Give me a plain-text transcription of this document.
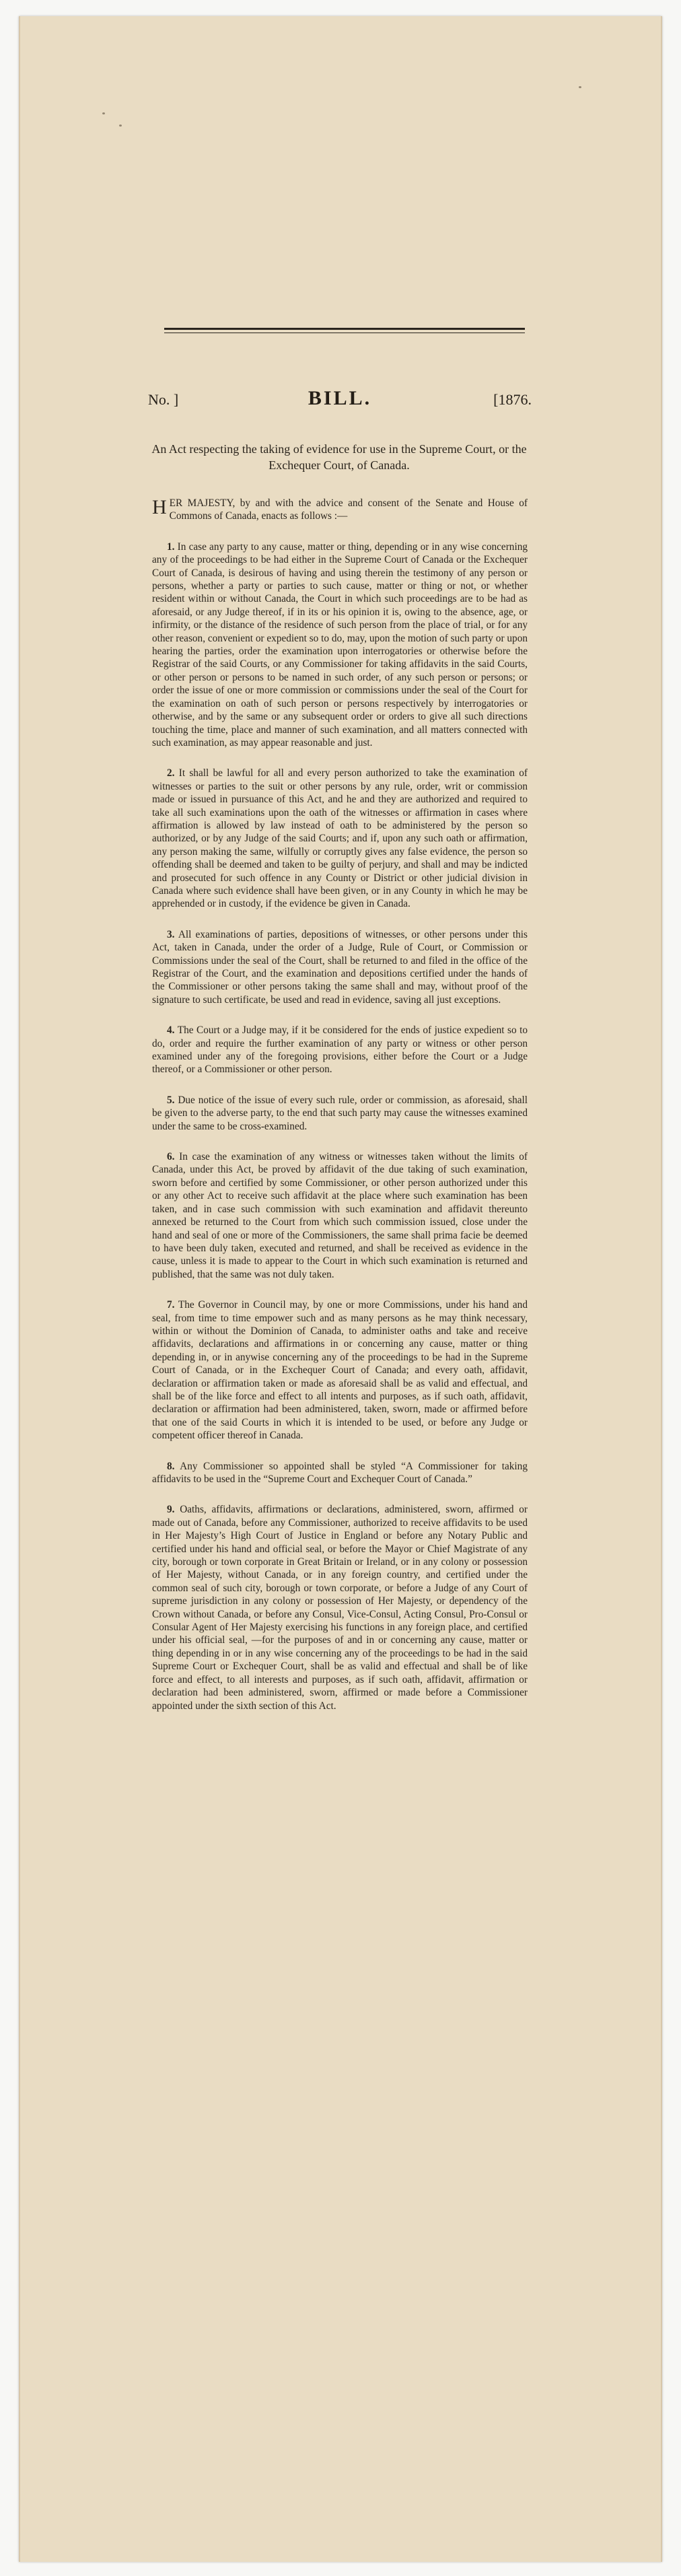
No. ]	BILL.	[1876.
An Act respecting the taking of evidence for use in the Supreme Court, or the Exchequer Court, of Canada.

HER MAJESTY, by and with the advice and consent of the Senate and House of Commons of Canada, enacts as follows :—

1. In case any party to any cause, matter or thing, depending or in any wise concerning any of the proceedings to be had either in the Supreme Court of Canada or the Exchequer Court of Canada, is desirous of having and using therein the testimony of any person or persons, whether a party or parties to such cause, matter or thing or not, or whether resident within or without Canada, the Court in which such proceedings are to be had as aforesaid, or any Judge thereof, if in its or his opinion it is, owing to the absence, age, or infirmity, or the distance of the residence of such person from the place of trial, or for any other reason, convenient or expedient so to do, may, upon the motion of such party or upon hearing the parties, order the examination upon interrogatories or otherwise before the Registrar of the said Courts, or any Commissioner for taking affidavits in the said Courts, or other person or persons to be named in such order, of any such person or persons; or order the issue of one or more commission or commissions under the seal of the Court for the examination on oath of such person or persons respectively by interrogatories or otherwise, and by the same or any subsequent order or orders to give all such directions touching the time, place and manner of such examination, and all matters connected with such examination, as may appear reasonable and just.

2. It shall be lawful for all and every person authorized to take the examination of witnesses or parties to the suit or other persons by any rule, order, writ or commission made or issued in pursuance of this Act, and he and they are authorized and required to take all such examinations upon the oath of the witnesses or affirmation in cases where affirmation is allowed by law instead of oath to be administered by the person so authorized, or by any Judge of the said Courts; and if, upon any such oath or affirmation, any person making the same, wilfully or corruptly gives any false evidence, the person so offending shall be deemed and taken to be guilty of perjury, and shall and may be indicted and prosecuted for such offence in any County or District or other judicial division in Canada where such evidence shall have been given, or in any County in which he may be apprehended or in custody, if the evidence be given in Canada.

3. All examinations of parties, depositions of witnesses, or other persons under this Act, taken in Canada, under the order of a Judge, Rule of Court, or Commission or Commissions under the seal of the Court, shall be returned to and filed in the office of the Registrar of the Court, and the examination and depositions certified under the hands of the Commissioner or other persons taking the same shall and may, without proof of the signature to such certificate, be used and read in evidence, saving all just exceptions.

4. The Court or a Judge may, if it be considered for the ends of justice expedient so to do, order and require the further examination of any party or witness or other person examined under any of the foregoing provisions, either before the Court or a Judge thereof, or a Commissioner or other person.

5. Due notice of the issue of every such rule, order or commission, as aforesaid, shall be given to the adverse party, to the end that such party may cause the witnesses examined under the same to be cross-examined.

6. In case the examination of any witness or witnesses taken without the limits of Canada, under this Act, be proved by affidavit of the due taking of such examination, sworn before and certified by some Commissioner, or other person authorized under this or any other Act to receive such affidavit at the place where such examination has been taken, and in case such commission with such examination and affidavit thereunto annexed be returned to the Court from which such commission issued, close under the hand and seal of one or more of the Commissioners, the same shall prima facie be deemed to have been duly taken, executed and returned, and shall be received as evidence in the cause, unless it is made to appear to the Court in which such examination is returned and published, that the same was not duly taken.

7. The Governor in Council may, by one or more Commissions, under his hand and seal, from time to time empower such and as many persons as he may think necessary, within or without the Dominion of Canada, to administer oaths and take and receive affidavits, declarations and affirmations in or concerning any cause, matter or thing depending in, or in anywise concerning any of the proceedings to be had in the Supreme Court of Canada, or in the Exchequer Court of Canada; and every oath, affidavit, declaration or affirmation taken or made as aforesaid shall be as valid and effectual, and shall be of the like force and effect to all intents and purposes, as if such oath, affidavit, declaration or affirmation had been administered, taken, sworn, made or affirmed before that one of the said Courts in which it is intended to be used, or before any Judge or competent officer thereof in Canada.

8. Any Commissioner so appointed shall be styled “A Commissioner for taking affidavits to be used in the “Supreme Court and Exchequer Court of Canada.”

9. Oaths, affidavits, affirmations or declarations, administered, sworn, affirmed or made out of Canada, before any Commissioner, authorized to receive affidavits to be used in Her Majesty’s High Court of Justice in England or before any Notary Public and certified under his hand and official seal, or before the Mayor or Chief Magistrate of any city, borough or town corporate in Great Britain or Ireland, or in any colony or possession of Her Majesty, without Canada, or in any foreign country, and certified under the common seal of such city, borough or town corporate, or before a Judge of any Court of supreme jurisdiction in any colony or possession of Her Majesty, or dependency of the Crown without Canada, or before any Consul, Vice-Consul, Acting Consul, Pro-Consul or Consular Agent of Her Majesty exercising his functions in any foreign place, and certified under his official seal, —for the purposes of and in or concerning any cause, matter or thing depending in or in any wise concerning any of the proceedings to be had in the said Supreme Court or Exchequer Court, shall be as valid and effectual and shall be of like force and effect, to all interests and purposes, as if such oath, affidavit, affirmation or declaration had been administered, sworn, affirmed or made before a Commissioner appointed under the sixth section of this Act.
